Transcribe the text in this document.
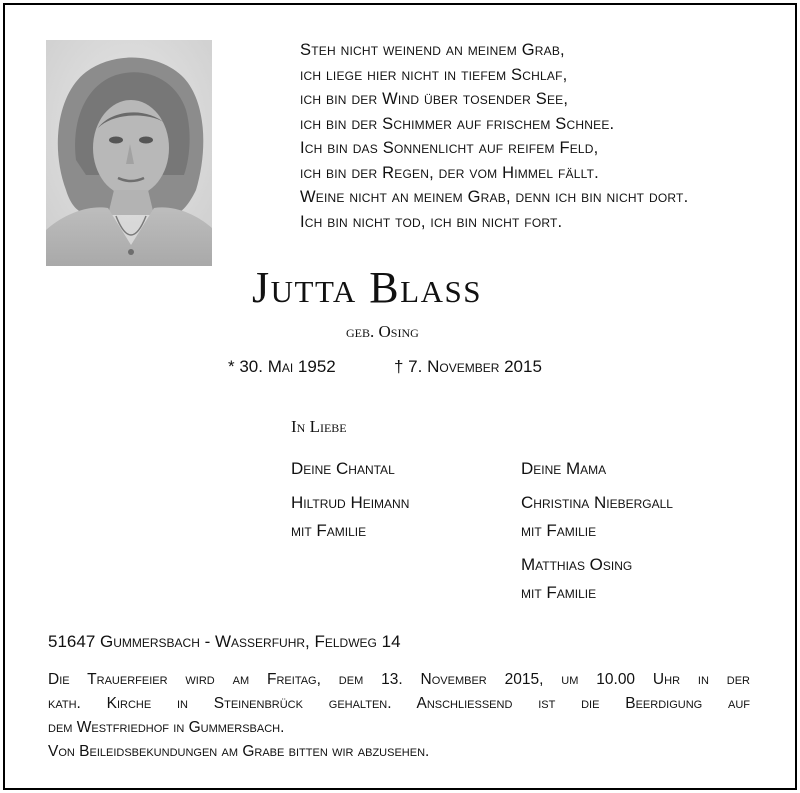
Steh nicht weinend an meinem Grab,
ich liege hier nicht in tiefem Schlaf,
ich bin der Wind über tosender See,
ich bin der Schimmer auf frischem Schnee.
Ich bin das Sonnenlicht auf reifem Feld,
ich bin der Regen, der vom Himmel fällt.
Weine nicht an meinem Grab, denn ich bin nicht dort.
Ich bin nicht tod, ich bin nicht fort.
Jutta Blass
geb. Osing
* 30. Mai 1952	† 7. November 2015
In Liebe
Deine Chantal
Hiltrud Heimann
mit Familie
Deine Mama
Christina Niebergall
mit Familie
Matthias Osing
mit Familie
51647 Gummersbach - Wasserfuhr, Feldweg 14
Die Trauerfeier wird am Freitag, dem 13. November 2015, um 10.00 Uhr in der
kath. Kirche in Steinenbrück gehalten. Anschliessend ist die Beerdigung auf
dem Westfriedhof in Gummersbach.
Von Beileidsbekundungen am Grabe bitten wir abzusehen.
